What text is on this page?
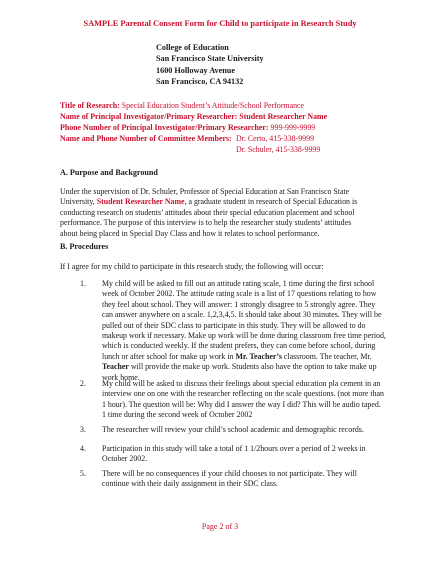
SAMPLE Parental Consent Form for Child to participate in Research Study
College of Education
San Francisco State University
1600 Holloway Avenue
San Francisco, CA 94132
Title of Research: Special Education Student’s Attitude/School Performance
Name of Principal Investigator/Primary Researcher: Student Researcher Name
Phone Number of Principal Investigator/Primary Researcher: 999-999-9999
Name and Phone Number of Committee Members: Dr. Certo, 415-338-9999
Dr. Schuler, 415-338-9999
A. Purpose and Background

Under the supervision of Dr. Schuler, Professor of Special Education at San Francisco State

University, Student Researcher Name, a graduate student in research of Special Education is

conducting research on students’ attitudes about their special education placement and school

performance. The purpose of this interview is to help the researcher study students’ attitudes

about being placed in Special Day Class and how it relates to school performance.

B. Procedures

If I agree for my child to participate in this research study, the following will occur:

1. My child will be asked to fill out an attitude rating scale, 1 time during the first school

week of October 2002. The attitude rating scale is a list of 17 questions relating to how

they feel about school. They will answer: 1 strongly disagree to 5 strongly agree. They

can answer anywhere on a scale. 1,2,3,4,5. It should take about 30 minutes. They will be

pulled out of their SDC class to participate in this study. They will be allowed to do

makeup work if necessary. Make up work will be done during classroom free time period,

which is conducted weekly. If the student prefers, they can come before school, during

lunch or after school for make up work in Mr. Teacher’s classroom. The teacher, Mr.

Teacher will provide the make up work. Students also have the option to take make up

work home.

2. My child will be asked to discuss their feelings about special education pla cement in an

interview one on one with the researcher reflecting on the scale questions. (not more than

1 hour). The question will be: Why did I answer the way I did? This will be audio taped.

1 time during the second week of October 2002

3. The researcher will review your child’s school academic and demographic records.

4. Participation in this study will take a total of 1 1/2hours over a period of 2 weeks in

October 2002.

5. There will be no consequences if your child chooses to not participate. They will

continue with their daily assignment in their SDC class.

Page 2 of 3
